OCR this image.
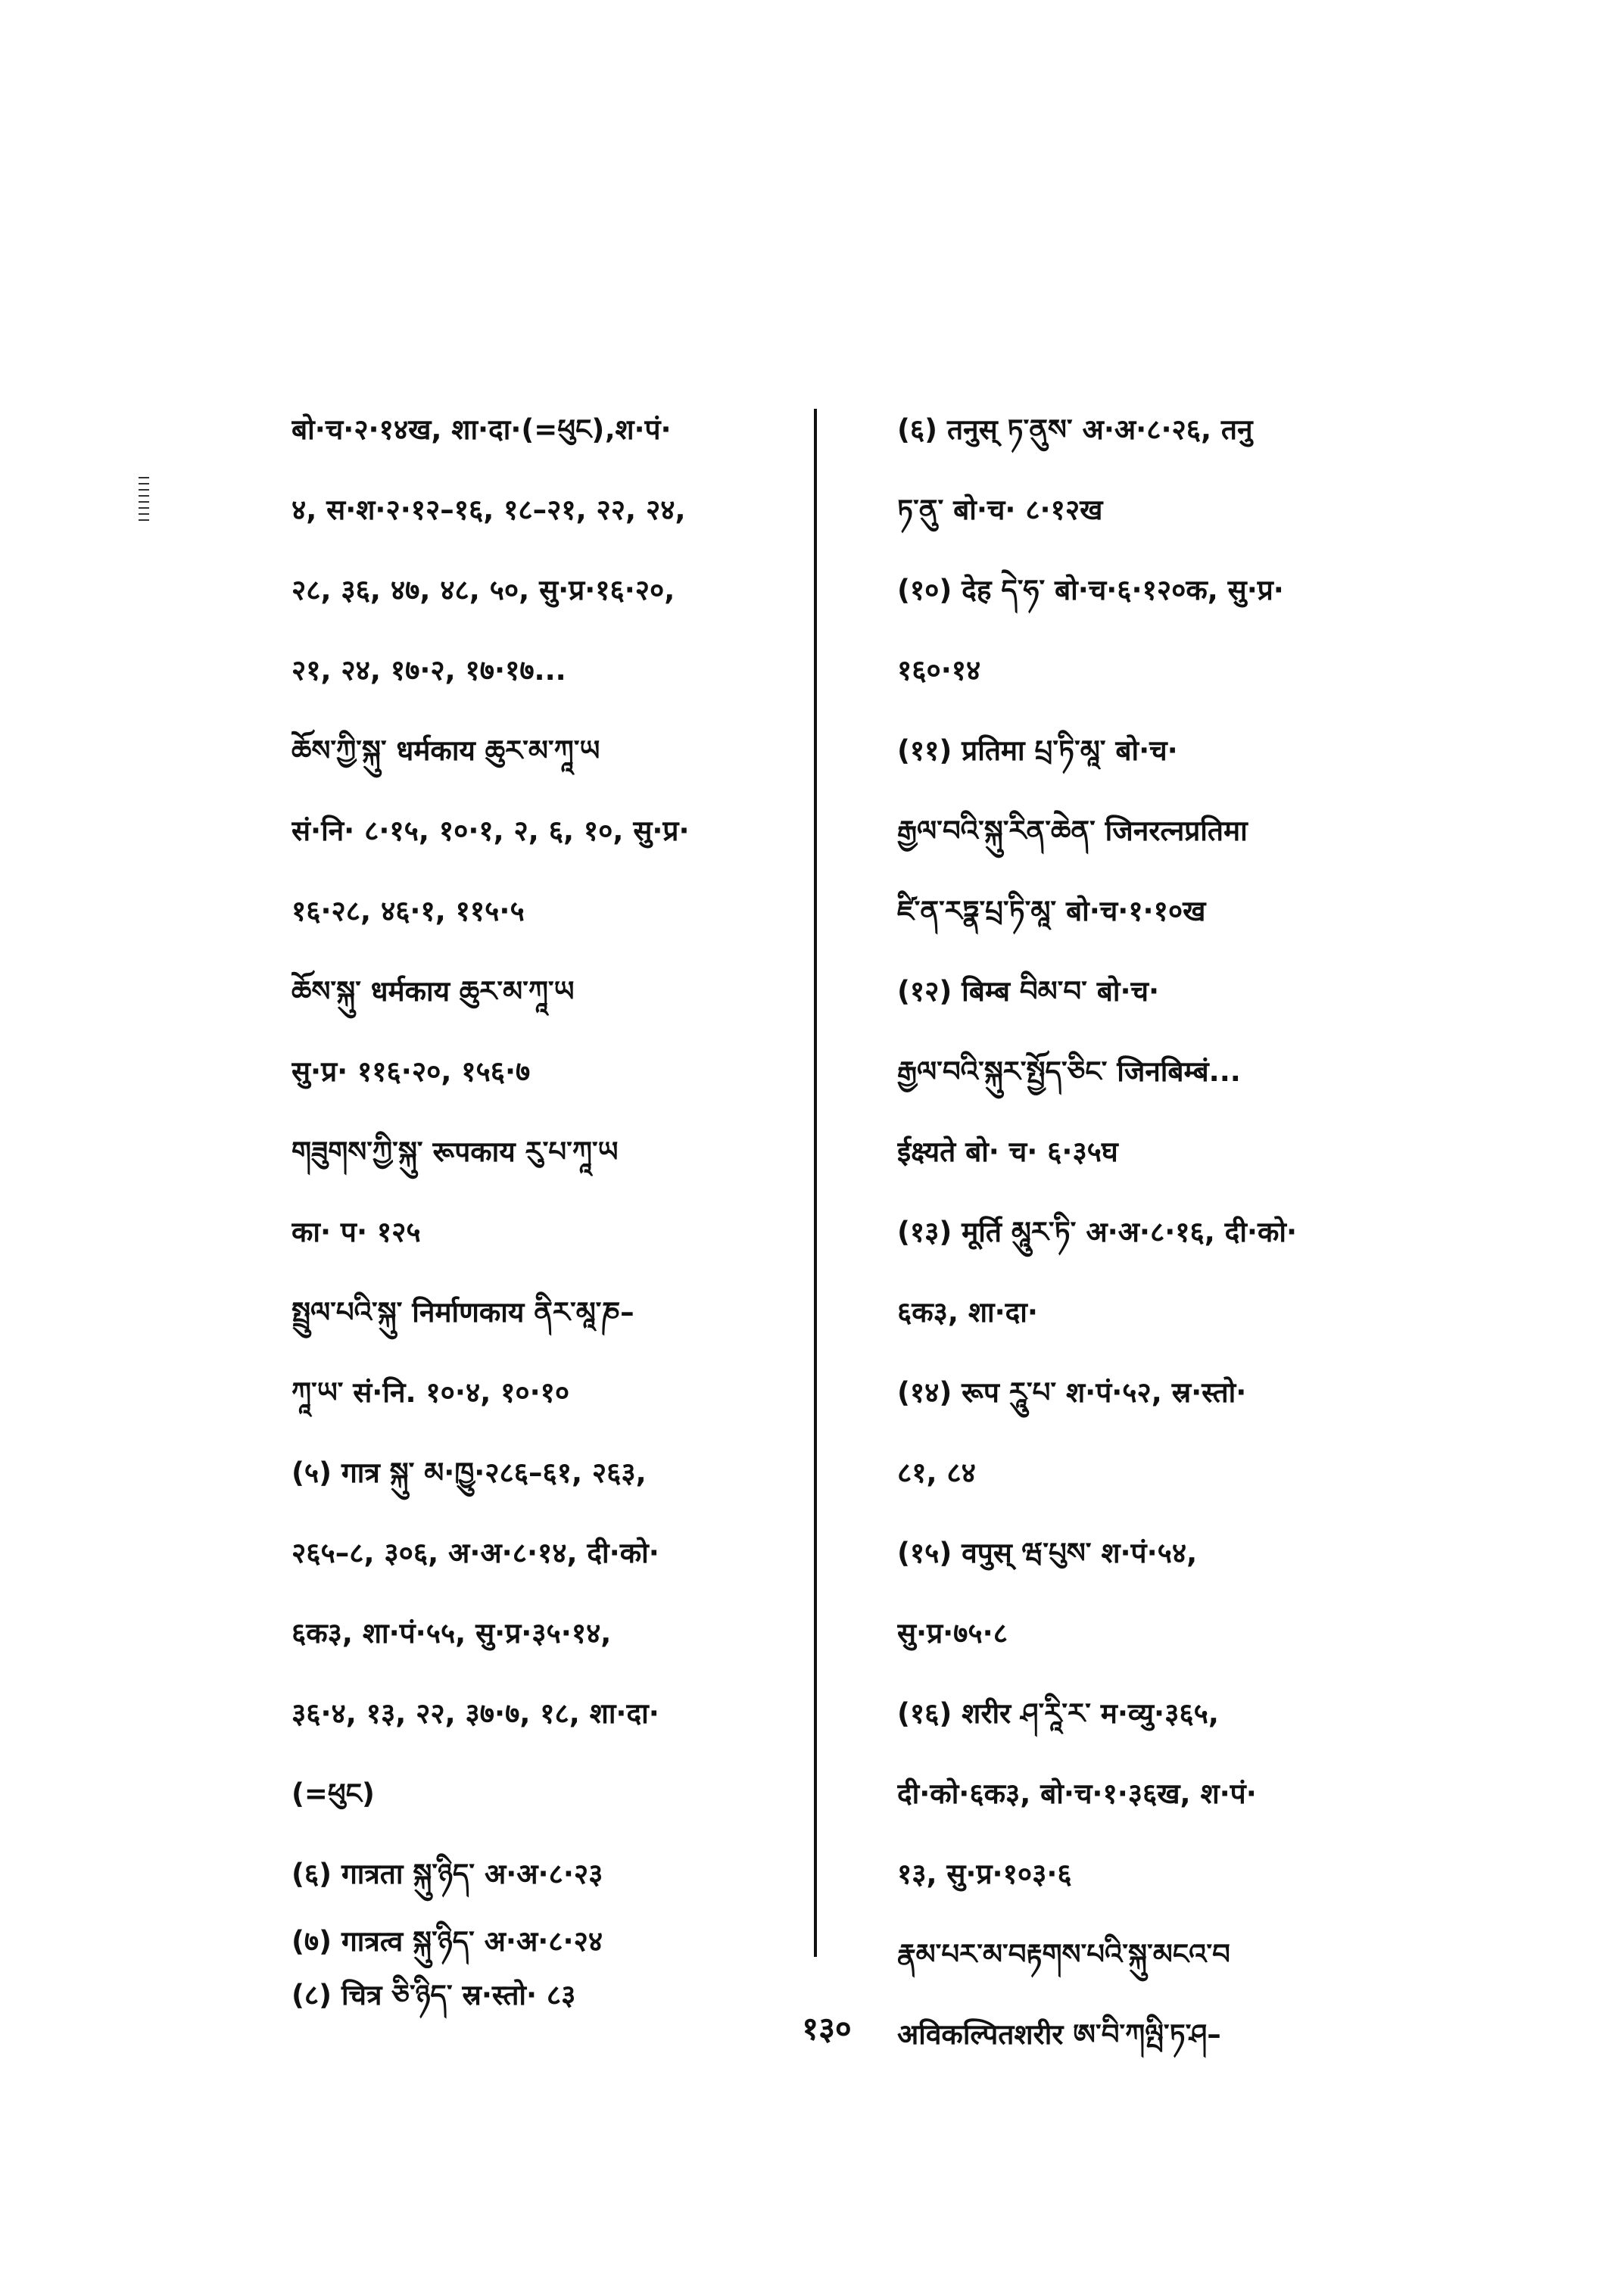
बो·च·२·१४ख, शा·दा·(=ཕུང)‚श·पं·
४, स·श·२·१२–१६, १८–२१, २२, २४,
२८, ३६, ४७, ४८, ५०, सु·प्र·१६·२०,
२१, २४, १७·२, १७·१७...
ཆོས་ཀྱི་སྐུ་ धर्मकाय ཆུར་མ་ཀཱ་ཡ
सं·नि· ८·१५, १०·१, २, ६, १०, सु·प्र·
१६·२८, ४६·१, ११५·५
ཆོས་སྐུ་ धर्मकाय ཆུར་མ་ཀཱ་ཡ
सु·प्र· ११६·२०, १५६·७
གཟུགས་ཀྱི་སྐུ་ रूपकाय རུ་པ་ཀཱ་ཡ
का· प· १२५
སྤྲུལ་པའི་སྐུ་ निर्माणकाय ནིར་མཱ་ཎ–
ཀཱ་ཡ་ सं·नि. १०·४, १०·१०
(५) गात्र སྐུ་ མ·ཁྱུ·२८६–६१, २६३,
२६५–८, ३०६, अ·अ·८·१४, दी·को·
६क३, शा·पं·५५, सु·प्र·३५·१४,
३६·४, १३, २२, ३७·७, १८, शा·दा·
(=ཕུང)
(६) गात्रता སྐུ་ཉིད་ अ·अ·८·२३
(७) गात्रत्व སྐུ་ཉིད་ अ·अ·८·२४
(८) चित्र ཅི་ཉིད་ स्र·स्तो· ८३
(६) तनुस् ཏ་ནུས་ अ·अ·८·२६, तनु
ཏ་ནུ་ बो·च· ८·१२ख
(१०) देह དེ་ཧ་ बो·च·६·१२०क, सु·प्र·
१६०·१४
(११) प्रतिमा པྲ་ཏི་མཱ་ बो·च·
རྒྱལ་བའི་སྐུ་རིན་ཆེན་ जिनरत्नप्रतिमा
ཛི་ན་རཏྣ་པྲ་ཏི་མཱ་ बो·च·१·१०ख
(१२) बिम्ब བིམ་བ་ बो·च·
རྒྱལ་བའི་སྐུར་སྤྱོད་ཅིང་ जिनबिम्बं...
ईक्ष्यते बो· च· ६·३५घ
(१३) मूर्ति མཱུར་ཏི་ अ·अ·८·१६, दी·को·
६क३, शा·दा·
(१४) रूप རཱུ་པ་ श·पं·५२, स्र·स्तो·
८१, ८४
(१५) वपुस् ཝ་པུས་ श·पं·५४,
सु·प्र·७५·८
(१६) शरीर ཤ་རཱི་ར་ म·व्यु·३६५,
दी·को·६क३, बो·च·१·३६ख, श·पं·
१३, सु·प्र·१०३·६
རྣམ་པར་མ་བརྟགས་པའི་སྐུ་མངའ་བ
अविकल्पितशरीर ཨ་བི་ཀལྤི་ཏ་ཤ–
१३०
